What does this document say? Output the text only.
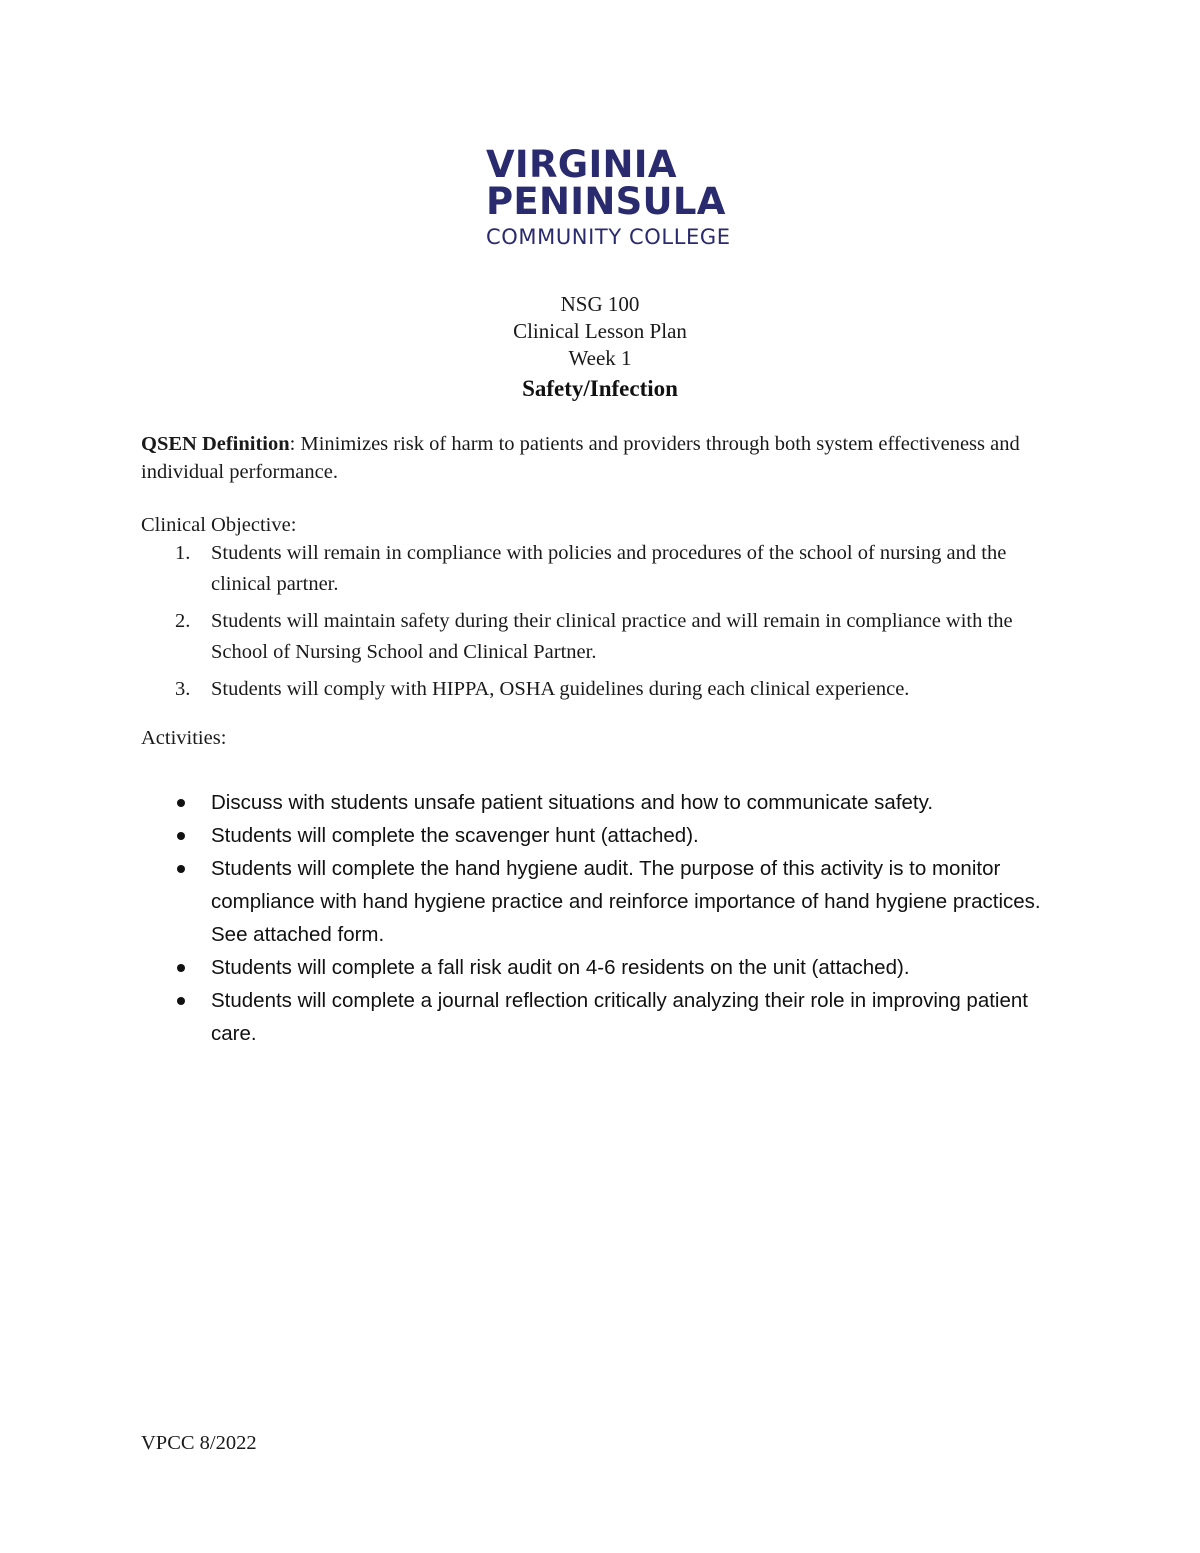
VIRGINIA
PENINSULA
COMMUNITY COLLEGE
NSG 100
Clinical Lesson Plan
Week 1
Safety/Infection
QSEN Definition: Minimizes risk of harm to patients and providers through both system effectiveness and individual performance.
Clinical Objective:
1. Students will remain in compliance with policies and procedures of the school of nursing and the clinical partner.
2. Students will maintain safety during their clinical practice and will remain in compliance with the School of Nursing School and Clinical Partner.
3. Students will comply with HIPPA, OSHA guidelines during each clinical experience.
Activities:
Discuss with students unsafe patient situations and how to communicate safety.
Students will complete the scavenger hunt (attached).
Students will complete the hand hygiene audit. The purpose of this activity is to monitor compliance with hand hygiene practice and reinforce importance of hand hygiene practices. See attached form.
Students will complete a fall risk audit on 4-6 residents on the unit (attached).
Students will complete a journal reflection critically analyzing their role in improving patient care.
VPCC 8/2022
